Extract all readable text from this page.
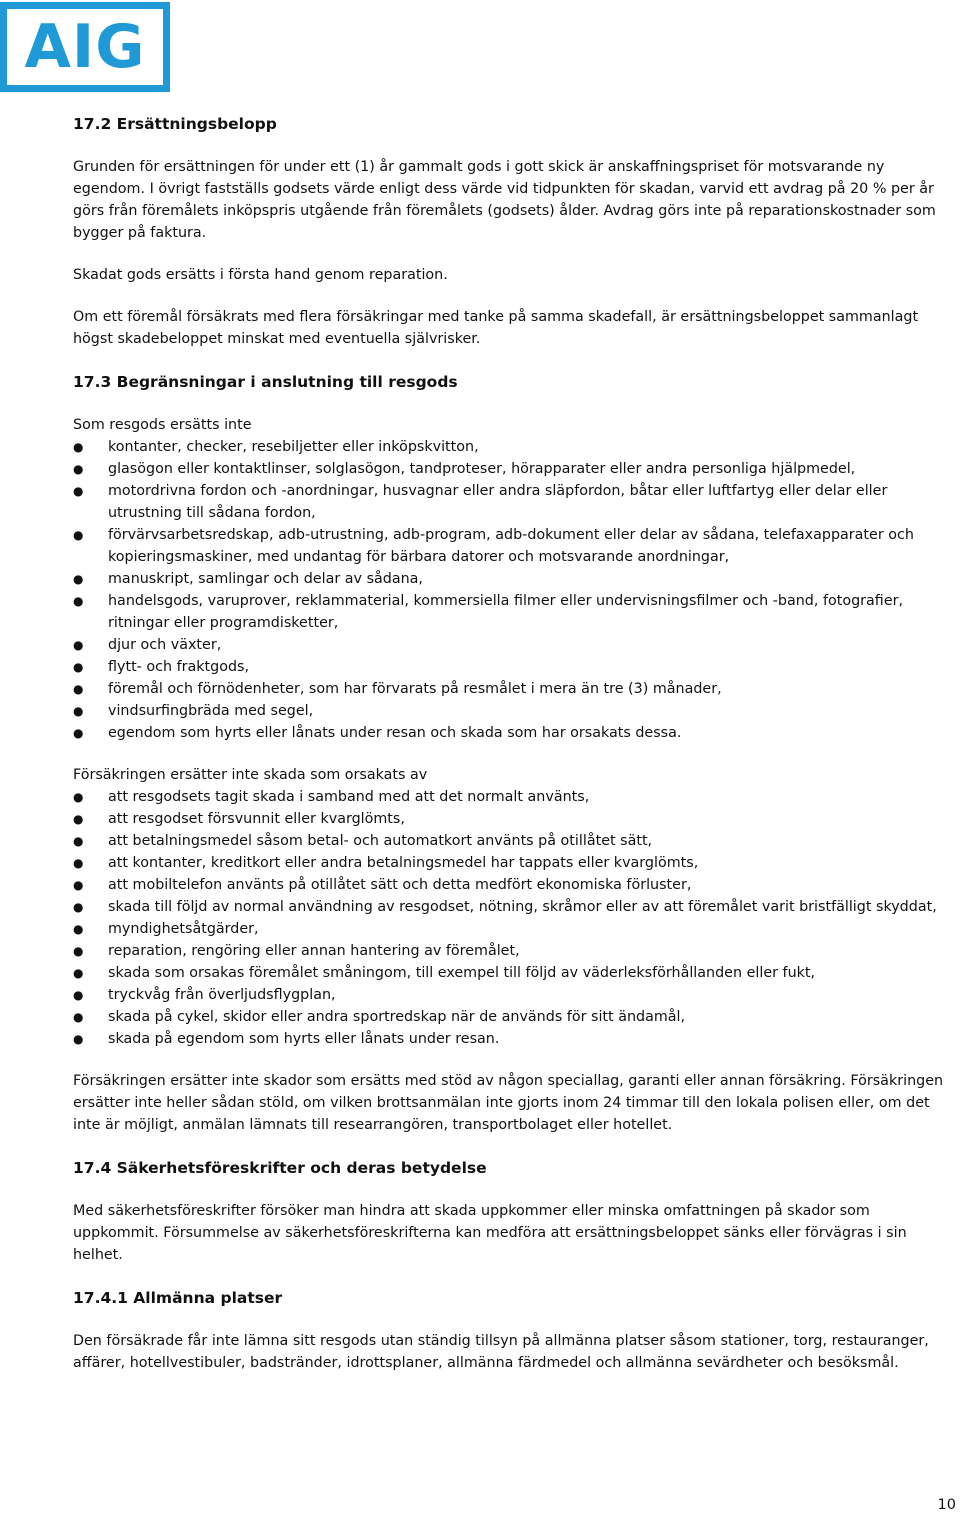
AIG
17.2 Ersättningsbelopp

Grunden för ersättningen för under ett (1) år gammalt gods i gott skick är anskaffningspriset för motsvarande ny egendom. I övrigt fastställs godsets värde enligt dess värde vid tidpunkten för skadan, varvid ett avdrag på 20 % per år görs från föremålets inköpspris utgående från föremålets (godsets) ålder. Avdrag görs inte på reparationskostnader som bygger på faktura.

Skadat gods ersätts i första hand genom reparation.

Om ett föremål försäkrats med flera försäkringar med tanke på samma skadefall, är ersättningsbeloppet sammanlagt högst skadebeloppet minskat med eventuella självrisker.

17.3 Begränsningar i anslutning till resgods

Som resgods ersätts inte

● kontanter, checker, resebiljetter eller inköpskvitton,
● glasögon eller kontaktlinser, solglasögon, tandproteser, hörapparater eller andra personliga hjälpmedel,
● motordrivna fordon och -anordningar, husvagnar eller andra släpfordon, båtar eller luftfartyg eller delar eller utrustning till sådana fordon,
● förvärvsarbetsredskap, adb-utrustning, adb-program, adb-dokument eller delar av sådana, telefaxapparater och kopieringsmaskiner, med undantag för bärbara datorer och motsvarande anordningar,
● manuskript, samlingar och delar av sådana,
● handelsgods, varuprover, reklammaterial, kommersiella filmer eller undervisningsfilmer och -band, fotografier, ritningar eller programdisketter,
● djur och växter,
● flytt- och fraktgods,
● föremål och förnödenheter, som har förvarats på resmålet i mera än tre (3) månader,
● vindsurfingbräda med segel,
● egendom som hyrts eller lånats under resan och skada som har orsakats dessa.

Försäkringen ersätter inte skada som orsakats av

● att resgodsets tagit skada i samband med att det normalt använts,
● att resgodset försvunnit eller kvarglömts,
● att betalningsmedel såsom betal- och automatkort använts på otillåtet sätt,
● att kontanter, kreditkort eller andra betalningsmedel har tappats eller kvarglömts,
● att mobiltelefon använts på otillåtet sätt och detta medfört ekonomiska förluster,
● skada till följd av normal användning av resgodset, nötning, skråmor eller av att föremålet varit bristfälligt skyddat,
● myndighetsåtgärder,
● reparation, rengöring eller annan hantering av föremålet,
● skada som orsakas föremålet småningom, till exempel till följd av väderleksförhållanden eller fukt,
● tryckvåg från överljudsflygplan,
● skada på cykel, skidor eller andra sportredskap när de används för sitt ändamål,
● skada på egendom som hyrts eller lånats under resan.

Försäkringen ersätter inte skador som ersätts med stöd av någon speciallag, garanti eller annan försäkring. Försäkringen ersätter inte heller sådan stöld, om vilken brottsanmälan inte gjorts inom 24 timmar till den lokala polisen eller, om det inte är möjligt, anmälan lämnats till researrangören, transportbolaget eller hotellet.

17.4 Säkerhetsföreskrifter och deras betydelse

Med säkerhetsföreskrifter försöker man hindra att skada uppkommer eller minska omfattningen på skador som uppkommit. Försummelse av säkerhetsföreskrifterna kan medföra att ersättningsbeloppet sänks eller förvägras i sin helhet.

17.4.1 Allmänna platser

Den försäkrade får inte lämna sitt resgods utan ständig tillsyn på allmänna platser såsom stationer, torg, restauranger, affärer, hotellvestibuler, badstränder, idrottsplaner, allmänna färdmedel och allmänna sevärdheter och besöksmål.

10
